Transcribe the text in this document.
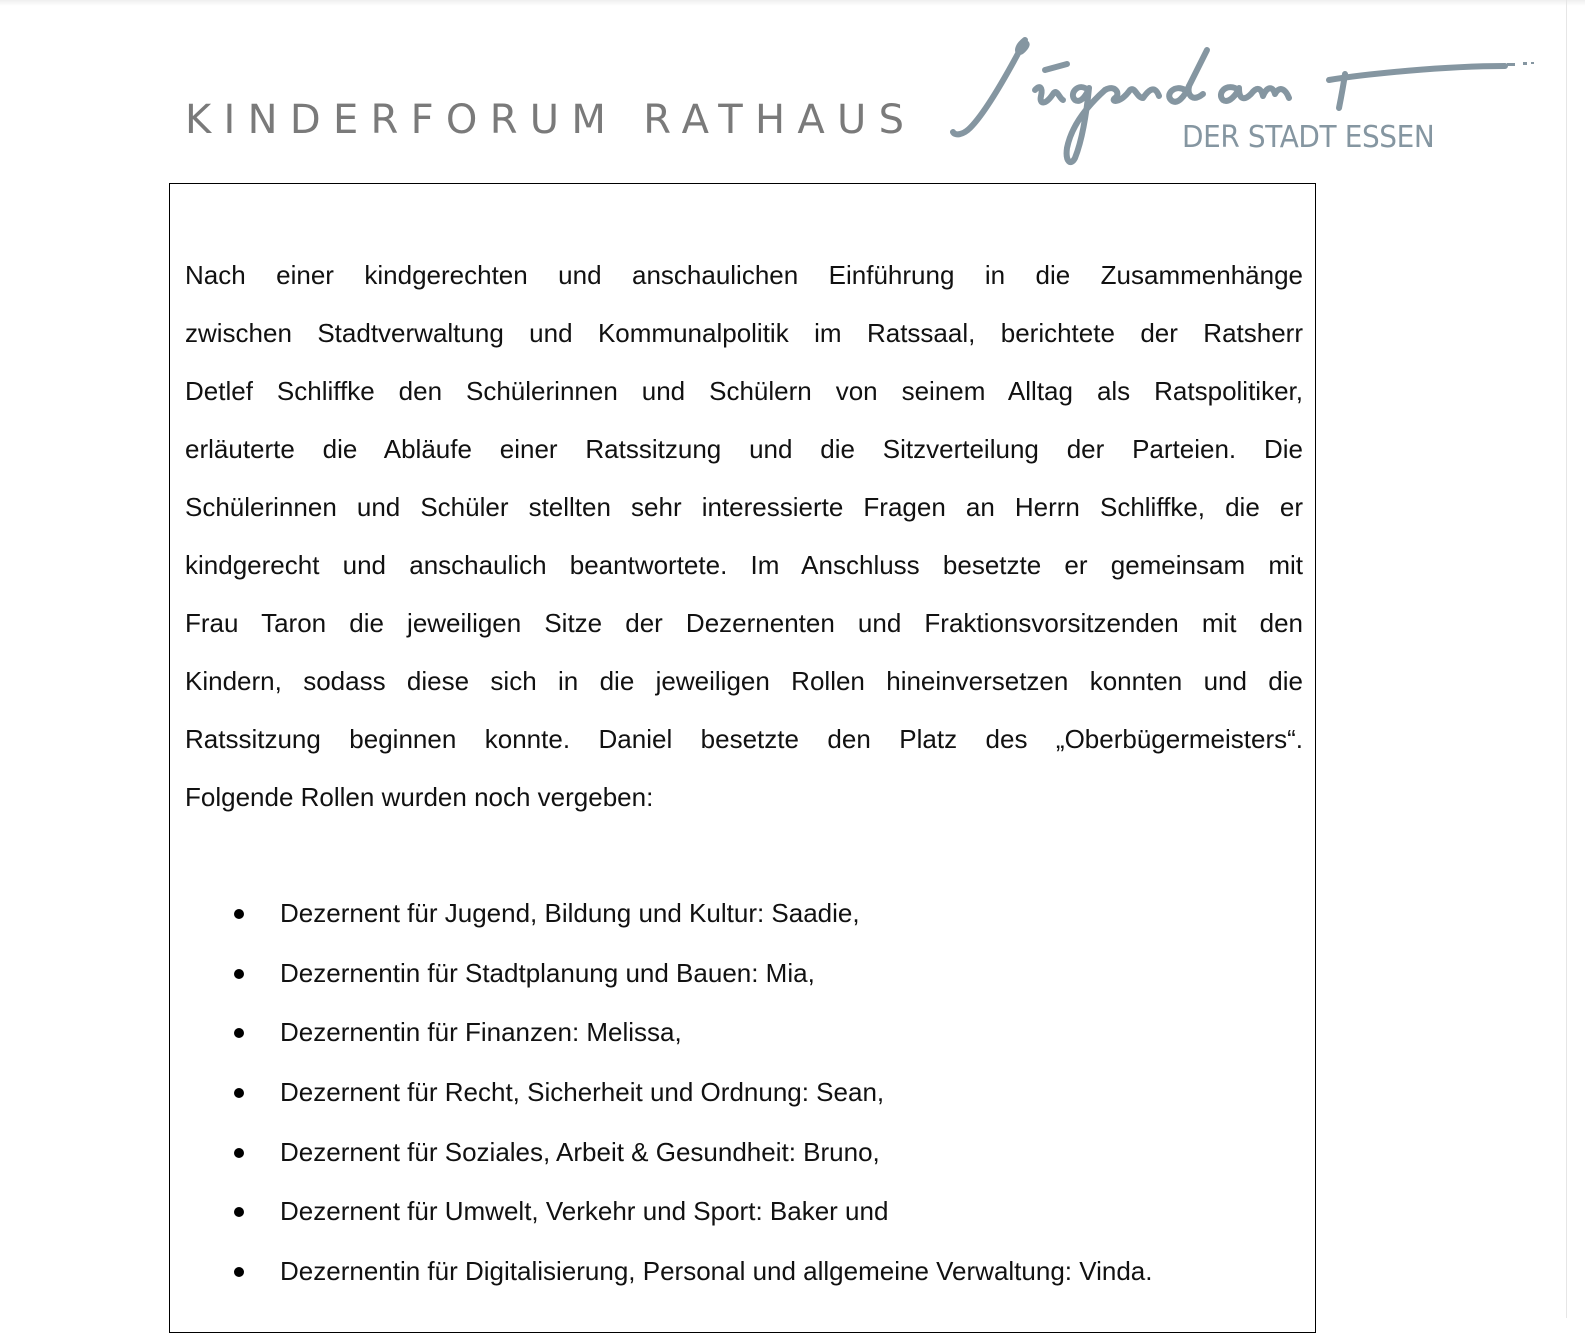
KINDERFORUM RATHAUS	DER STADT ESSEN
Nach einer kindgerechten und anschaulichen Einführung in die Zusammenhänge
zwischen Stadtverwaltung und Kommunalpolitik im Ratssaal, berichtete der Ratsherr
Detlef Schliffke den Schülerinnen und Schülern von seinem Alltag als Ratspolitiker,
erläuterte die Abläufe einer Ratssitzung und die Sitzverteilung der Parteien. Die
Schülerinnen und Schüler stellten sehr interessierte Fragen an Herrn Schliffke, die er
kindgerecht und anschaulich beantwortete. Im Anschluss besetzte er gemeinsam mit
Frau Taron die jeweiligen Sitze der Dezernenten und Fraktionsvorsitzenden mit den
Kindern, sodass diese sich in die jeweiligen Rollen hineinversetzen konnten und die
Ratssitzung beginnen konnte. Daniel besetzte den Platz des „Oberbügermeisters“.
Folgende Rollen wurden noch vergeben:
Dezernent für Jugend, Bildung und Kultur: Saadie,
Dezernentin für Stadtplanung und Bauen: Mia,
Dezernentin für Finanzen: Melissa,
Dezernent für Recht, Sicherheit und Ordnung: Sean,
Dezernent für Soziales, Arbeit & Gesundheit: Bruno,
Dezernent für Umwelt, Verkehr und Sport: Baker und
Dezernentin für Digitalisierung, Personal und allgemeine Verwaltung: Vinda.
